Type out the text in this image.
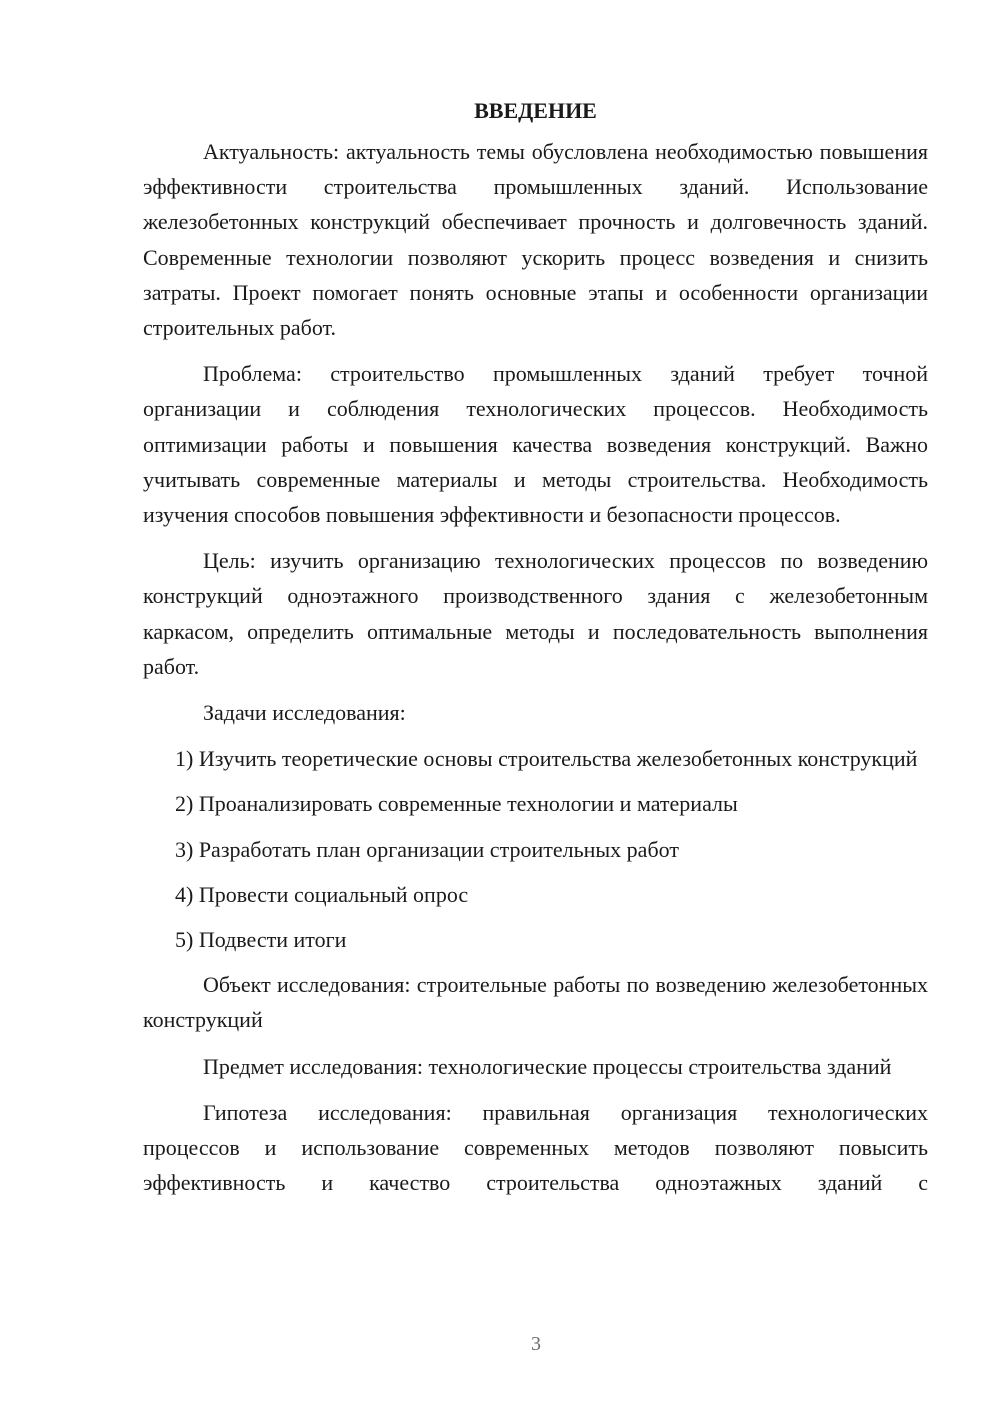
ВВЕДЕНИЕ

Актуальность: актуальность темы обусловлена необходимостью повышения эффективности строительства промышленных зданий. Использование железобетонных конструкций обеспечивает прочность и долговечность зданий. Современные технологии позволяют ускорить процесс возведения и снизить затраты. Проект помогает понять основные этапы и особенности организации строительных работ.

Проблема: строительство промышленных зданий требует точной организации и соблюдения технологических процессов. Необходимость оптимизации работы и повышения качества возведения конструкций. Важно учитывать современные материалы и методы строительства. Необходимость изучения способов повышения эффективности и безопасности процессов.

Цель: изучить организацию технологических процессов по возведению конструкций одноэтажного производственного здания с железобетонным каркасом, определить оптимальные методы и последовательность выполнения работ.

Задачи исследования:

1) Изучить теоретические основы строительства железобетонных конструкций

2) Проанализировать современные технологии и материалы

3) Разработать план организации строительных работ

4) Провести социальный опрос

5) Подвести итоги

Объект исследования: строительные работы по возведению железобетонных конструкций

Предмет исследования: технологические процессы строительства зданий

Гипотеза исследования: правильная организация технологических процессов и использование современных методов позволяют повысить эффективность и качество строительства одноэтажных зданий с

3
